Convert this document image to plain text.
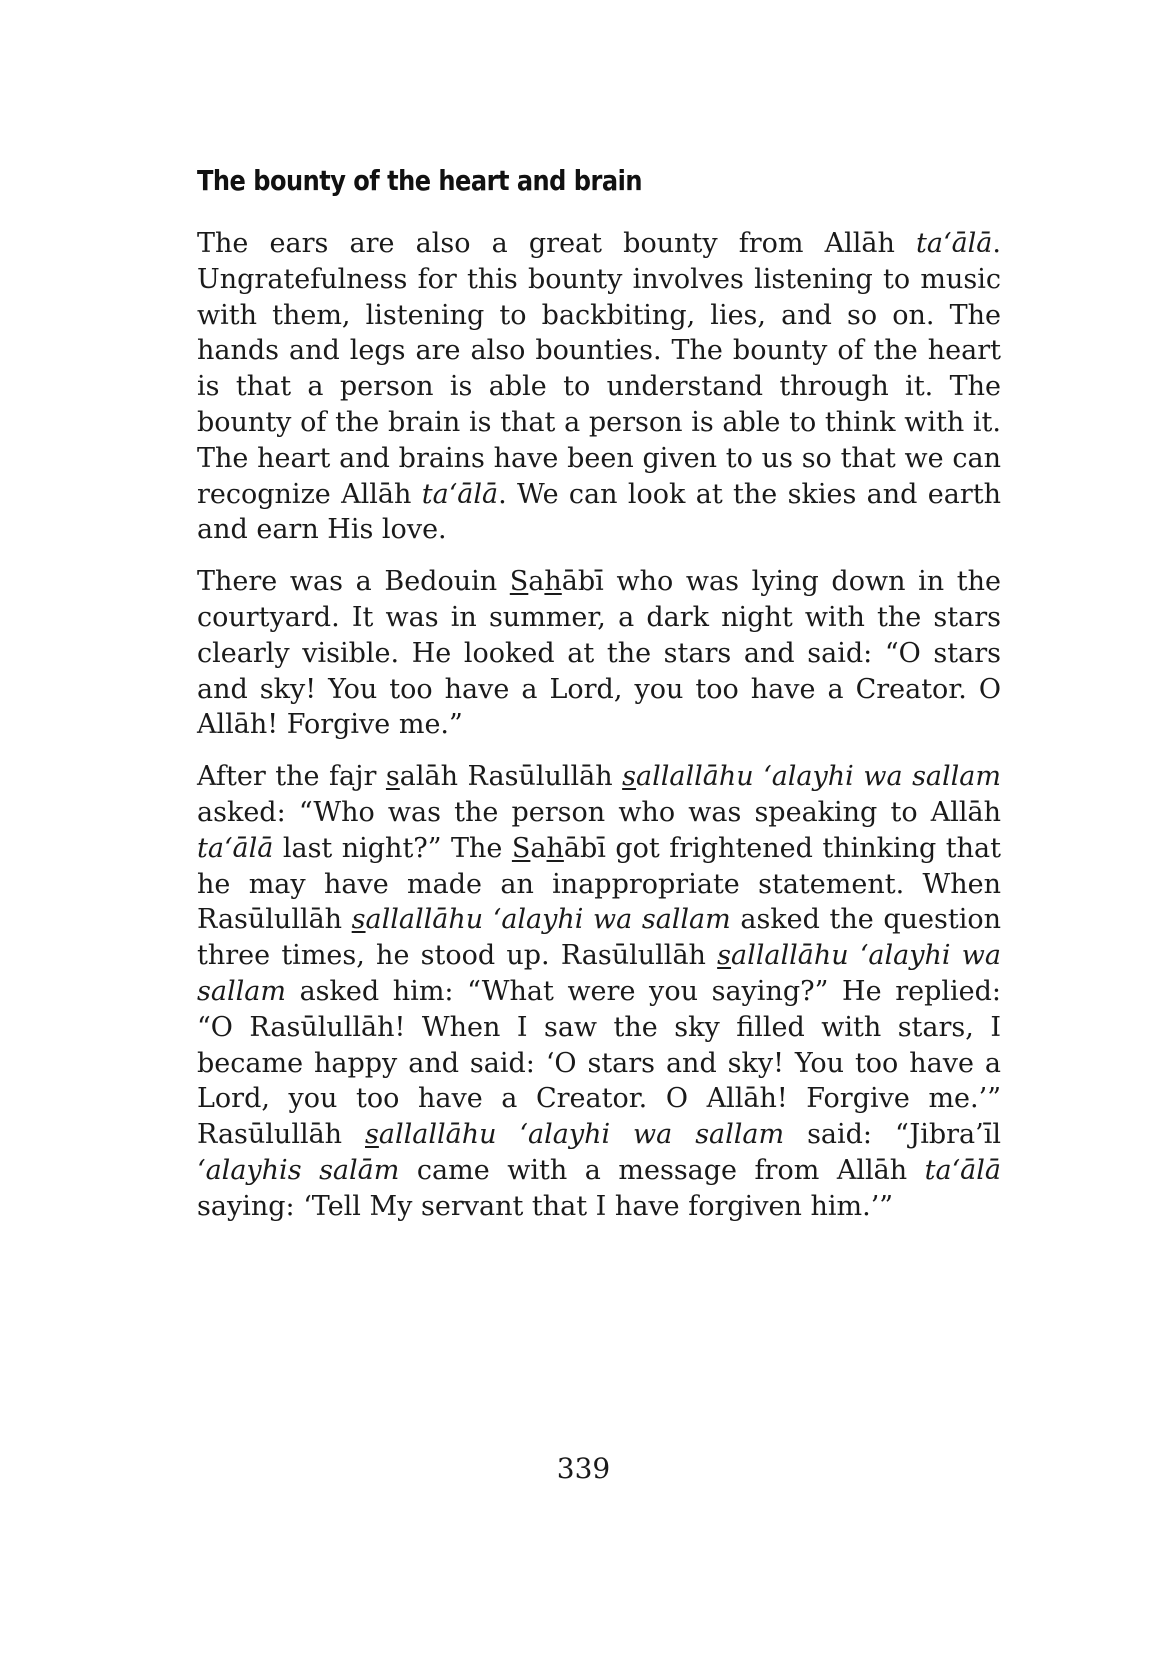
The bounty of the heart and brain

The ears are also a great bounty from Allāh ta‘ālā. Ungratefulness for this bounty involves listening to music with them, listening to backbiting, lies, and so on. The hands and legs are also bounties. The bounty of the heart is that a person is able to understand through it. The bounty of the brain is that a person is able to think with it. The heart and brains have been given to us so that we can recognize Allāh ta‘ālā. We can look at the skies and earth and earn His love.

There was a Bedouin Sahābī who was lying down in the courtyard. It was in summer, a dark night with the stars clearly visible. He looked at the stars and said: “O stars and sky! You too have a Lord, you too have a Creator. O Allāh! Forgive me.”

After the fajr salāh Rasūlullāh sallallāhu ‘alayhi wa sallam asked: “Who was the person who was speaking to Allāh ta‘ālā last night?” The Sahābī got frightened thinking that he may have made an inappropriate statement. When Rasūlullāh sallallāhu ‘alayhi wa sallam asked the question three times, he stood up. Rasūlullāh sallallāhu ‘alayhi wa sallam asked him: “What were you saying?” He replied: “O Rasūlullāh! When I saw the sky filled with stars, I became happy and said: ‘O stars and sky! You too have a Lord, you too have a Creator. O Allāh! Forgive me.’” Rasūlullāh sallallāhu ‘alayhi wa sallam said: “Jibra’īl ‘alayhis salām came with a message from Allāh ta‘ālā saying: ‘Tell My servant that I have forgiven him.’”

339
